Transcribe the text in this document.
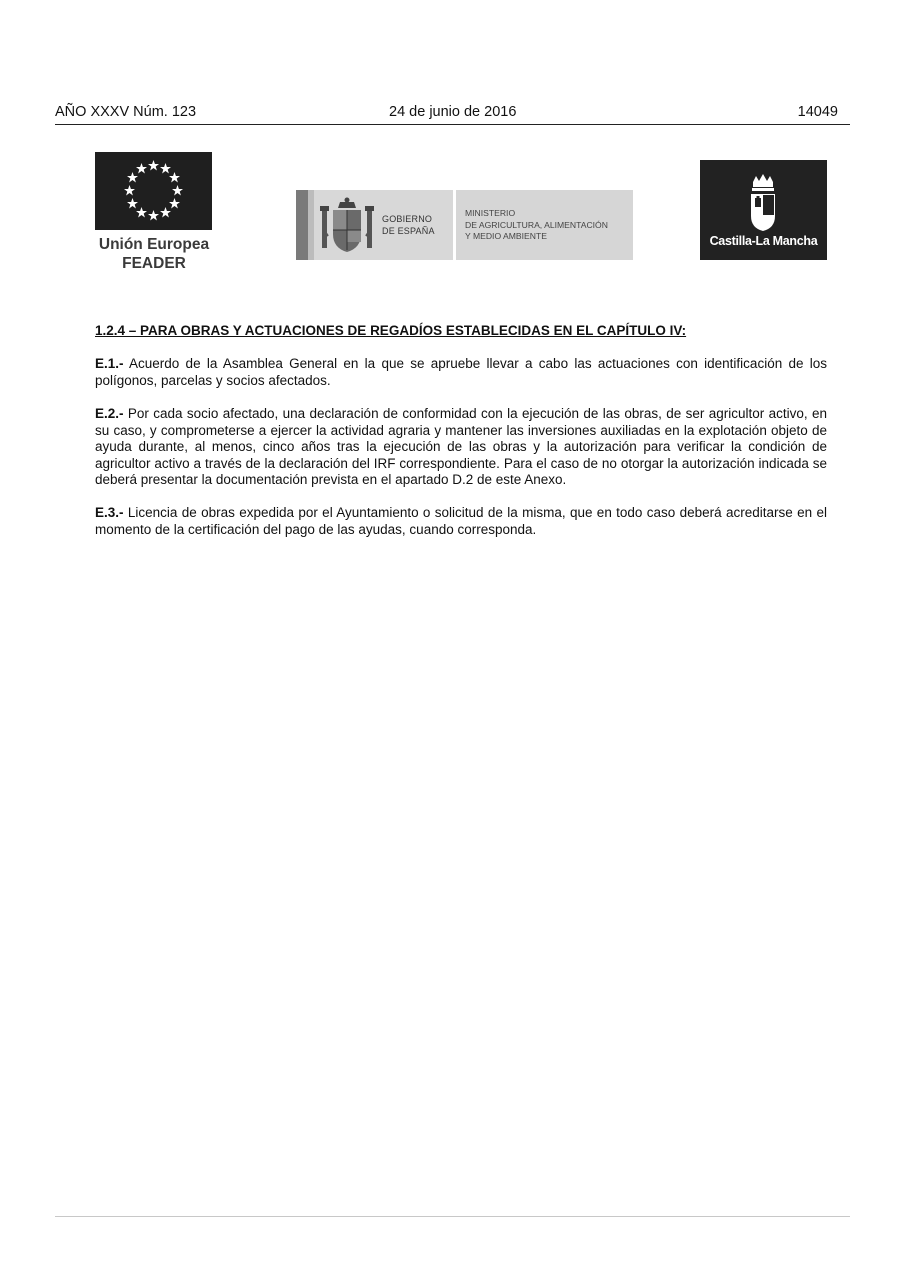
AÑO XXXV Núm. 123	24 de junio de 2016	14049
Unión Europea
FEADER
GOBIERNO
DE ESPAÑA
MINISTERIO
DE AGRICULTURA, ALIMENTACIÓN
Y MEDIO AMBIENTE	Castilla-La Mancha
1.2.4 – PARA OBRAS Y ACTUACIONES DE REGADÍOS ESTABLECIDAS EN EL CAPÍTULO IV:
E.1.- Acuerdo de la Asamblea General en la que se apruebe llevar a cabo las actuaciones con identificación de los polígonos, parcelas y socios afectados.
E.2.- Por cada socio afectado, una declaración de conformidad con la ejecución de las obras, de ser agricultor activo, en su caso, y comprometerse a ejercer la actividad agraria y mantener las inversiones auxiliadas en la explotación objeto de ayuda durante, al menos, cinco años tras la ejecución de las obras y la autorización para verificar la condición de agricultor activo a través de la declaración del IRF correspondiente. Para el caso de no otorgar la autorización indicada se deberá presentar la documentación prevista en el apartado D.2 de este Anexo.
E.3.- Licencia de obras expedida por el Ayuntamiento o solicitud de la misma, que en todo caso deberá acreditarse en el momento de la certificación del pago de las ayudas, cuando corresponda.
